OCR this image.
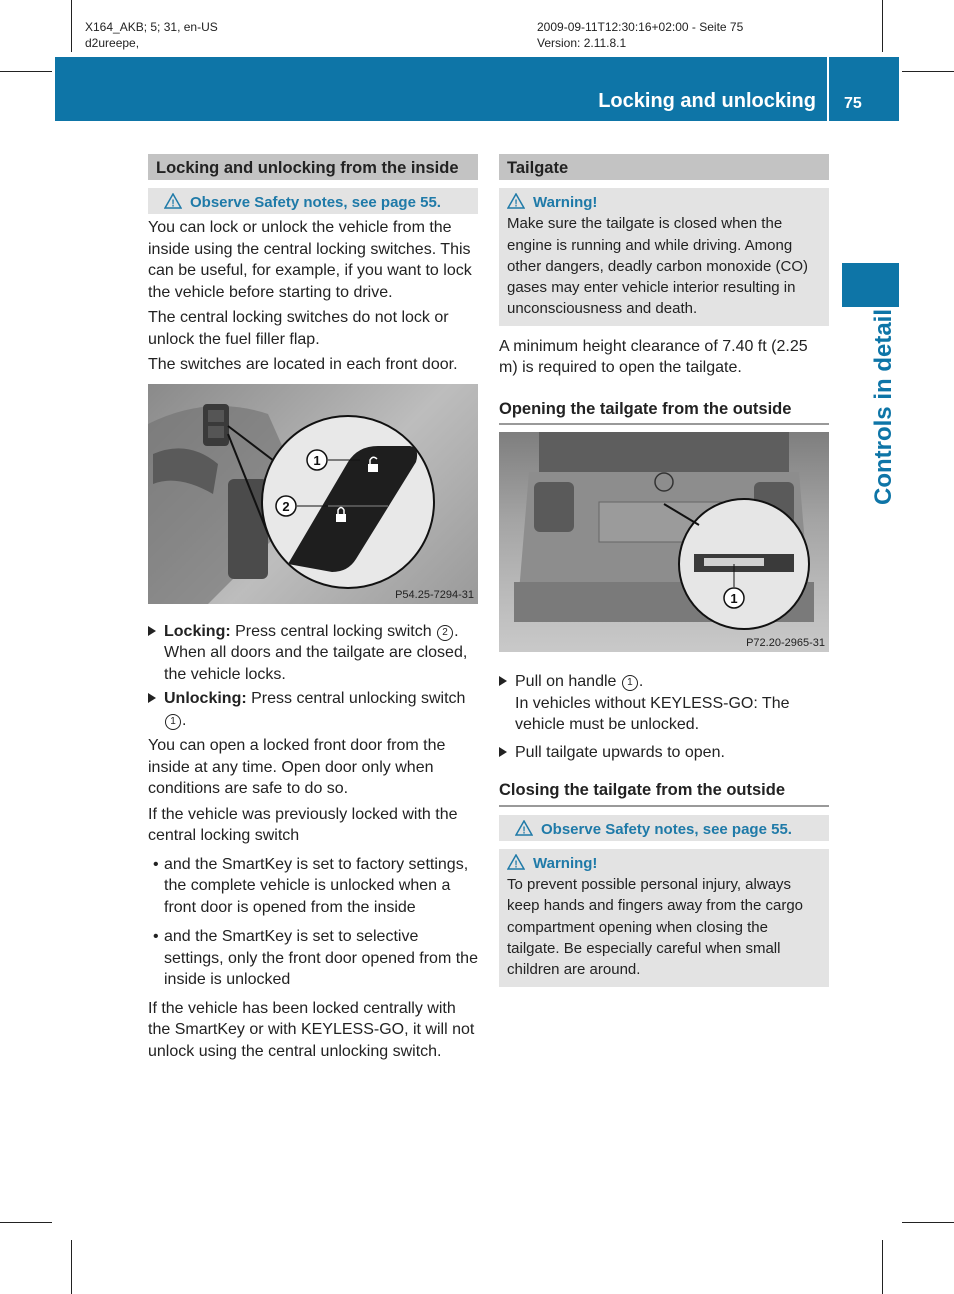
X164_AKB; 5; 31, en-US
d2ureepe,
2009-09-11T12:30:16+02:00 - Seite 75
Version: 2.11.8.1
Locking and unlocking 75
Controls in detail
Locking and unlocking from the inside
! Observe Safety notes, see page 55.

You can lock or unlock the vehicle from the inside using the central locking switches. This can be useful, for example, if you want to lock the vehicle before starting to drive.

The central locking switches do not lock or unlock the fuel filler flap.

The switches are located in each front door.

1
2
P54.25-7294-31
Locking: Press central locking switch 2 . When all doors and the tailgate are closed, the vehicle locks.
Unlocking: Press central unlocking switch 1 .

You can open a locked front door from the inside at any time. Open door only when conditions are safe to do so.

If the vehicle was previously locked with the central locking switch

• and the SmartKey is set to factory settings, the complete vehicle is unlocked when a front door is opened from the inside
• and the SmartKey is set to selective settings, only the front door opened from the inside is unlocked

If the vehicle has been locked centrally with the SmartKey or with KEYLESS-GO, it will not unlock using the central unlocking switch.

Tailgate
! Warning!

Make sure the tailgate is closed when the engine is running and while driving. Among other dangers, deadly carbon monoxide (CO) gases may enter vehicle interior resulting in unconsciousness and death.

A minimum height clearance of 7.40 ft (2.25 m) is required to open the tailgate.

Opening the tailgate from the outside
1
P72.20-2965-31
Pull on handle 1 .
In vehicles without KEYLESS-GO: The vehicle must be unlocked.
Pull tailgate upwards to open.
Closing the tailgate from the outside
! Observe Safety notes, see page 55.
! Warning!

To prevent possible personal injury, always keep hands and fingers away from the cargo compartment opening when closing the tailgate. Be especially careful when small children are around.
